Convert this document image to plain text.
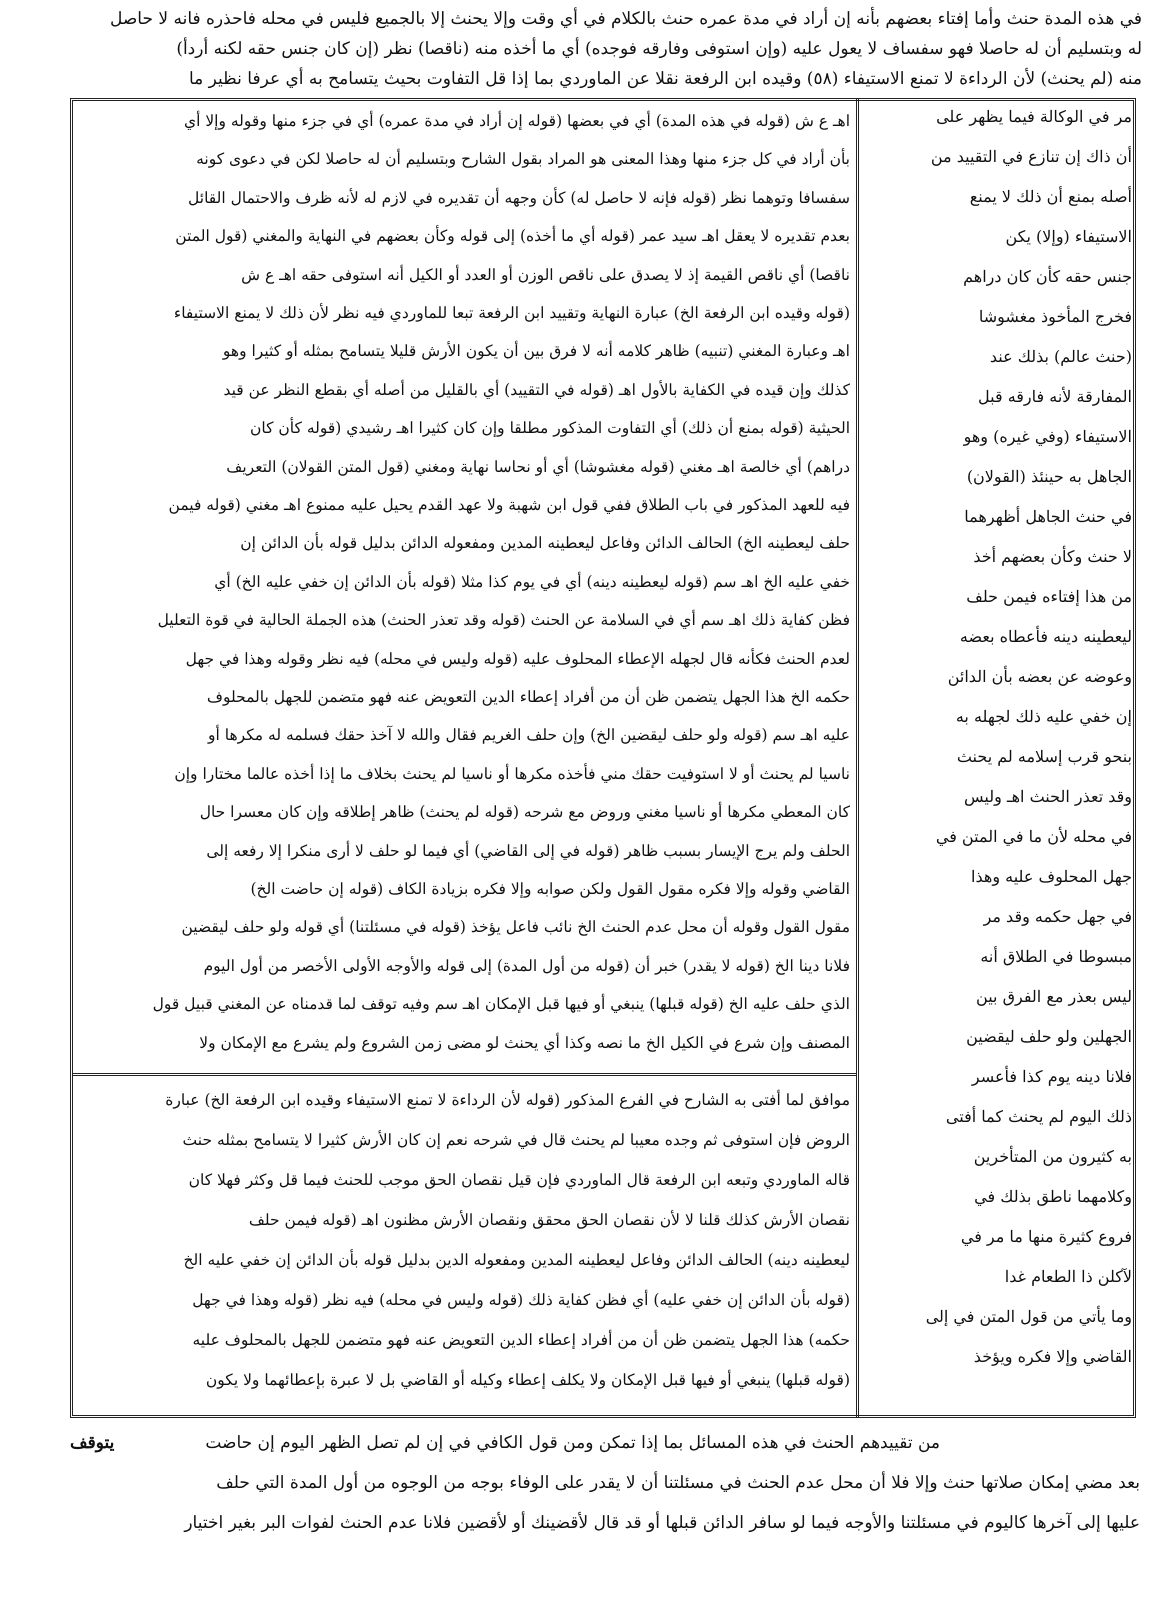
في هذه المدة حنث وأما إفتاء بعضهم بأنه إن أراد في مدة عمره حنث بالكلام في أي وقت وإلا يحنث إلا بالجميع فليس في محله فاحذره فانه لا حاصل
له وبتسليم أن له حاصلا فهو سفساف لا يعول عليه (وإن استوفى وفارقه فوجده) أي ما أخذه منه (ناقصا) نظر (إن كان جنس حقه لكنه أردأ)
منه (لم يحنث) لأن الرداءة لا تمنع الاستيفاء (٥٨) وقيده ابن الرفعة نقلا عن الماوردي بما إذا قل التفاوت بحيث يتسامح به أي عرفا نظير ما
مر في الوكالة فيما يظهر على
أن ذاك إن تنازع في التقييد من
أصله بمنع أن ذلك لا يمنع
الاستيفاء (وإلا) يكن
جنس حقه كأن كان دراهم
فخرج المأخوذ مغشوشا
(حنث عالم) بذلك عند
المفارقة لأنه فارقه قبل
الاستيفاء (وفي غيره) وهو
الجاهل به حينئذ (القولان)
في حنث الجاهل أظهرهما
لا حنث وكأن بعضهم أخذ
من هذا إفتاءه فيمن حلف
ليعطينه دينه فأعطاه بعضه
وعوضه عن بعضه بأن الدائن
إن خفي عليه ذلك لجهله به
بنحو قرب إسلامه لم يحنث
وقد تعذر الحنث اهـ وليس
في محله لأن ما في المتن في
جهل المحلوف عليه وهذا
في جهل حكمه وقد مر
مبسوطا في الطلاق أنه
ليس بعذر مع الفرق بين
الجهلين ولو حلف ليقضين
فلانا دينه يوم كذا فأعسر
ذلك اليوم لم يحنث كما أفتى
به كثيرون من المتأخرين
وكلامهما ناطق بذلك في
فروع كثيرة منها ما مر في
لآكلن ذا الطعام غدا
وما يأتي من قول المتن في إلى
القاضي وإلا فكره ويؤخذ
اهـ ع ش (قوله في هذه المدة) أي في بعضها (قوله إن أراد في مدة عمره) أي في جزء منها وقوله وإلا أي
بأن أراد في كل جزء منها وهذا المعنى هو المراد بقول الشارح وبتسليم أن له حاصلا لكن في دعوى كونه
سفسافا وتوهما نظر (قوله فإنه لا حاصل له) كأن وجهه أن تقديره في لازم له لأنه ظرف والاحتمال القائل
بعدم تقديره لا يعقل اهـ سيد عمر (قوله أي ما أخذه) إلى قوله وكأن بعضهم في النهاية والمغني (قول المتن
ناقصا) أي ناقص القيمة إذ لا يصدق على ناقص الوزن أو العدد أو الكيل أنه استوفى حقه اهـ ع ش
(قوله وقيده ابن الرفعة الخ) عبارة النهاية وتقييد ابن الرفعة تبعا للماوردي فيه نظر لأن ذلك لا يمنع الاستيفاء
اهـ وعبارة المغني (تنبيه) ظاهر كلامه أنه لا فرق بين أن يكون الأرش قليلا يتسامح بمثله أو كثيرا وهو
كذلك وإن قيده في الكفاية بالأول اهـ (قوله في التقييد) أي بالقليل من أصله أي بقطع النظر عن قيد
الحيثية (قوله بمنع أن ذلك) أي التفاوت المذكور مطلقا وإن كان كثيرا اهـ رشيدي (قوله كأن كان
دراهم) أي خالصة اهـ مغني (قوله مغشوشا) أي أو نحاسا نهاية ومغني (قول المتن القولان) التعريف
فيه للعهد المذكور في باب الطلاق ففي قول ابن شهبة ولا عهد القدم يحيل عليه ممنوع اهـ مغني (قوله فيمن
حلف ليعطينه الخ) الحالف الدائن وفاعل ليعطينه المدين ومفعوله الدائن بدليل قوله بأن الدائن إن
خفي عليه الخ اهـ سم (قوله ليعطينه دينه) أي في يوم كذا مثلا (قوله بأن الدائن إن خفي عليه الخ) أي
فظن كفاية ذلك اهـ سم أي في السلامة عن الحنث (قوله وقد تعذر الحنث) هذه الجملة الحالية في قوة التعليل
لعدم الحنث فكأنه قال لجهله الإعطاء المحلوف عليه (قوله وليس في محله) فيه نظر وقوله وهذا في جهل
حكمه الخ هذا الجهل يتضمن ظن أن من أفراد إعطاء الدين التعويض عنه فهو متضمن للجهل بالمحلوف
عليه اهـ سم (قوله ولو حلف ليقضين الخ) وإن حلف الغريم فقال والله لا آخذ حقك فسلمه له مكرها أو
ناسيا لم يحنث أو لا استوفيت حقك مني فأخذه مكرها أو ناسيا لم يحنث بخلاف ما إذا أخذه عالما مختارا وإن
كان المعطي مكرها أو ناسيا مغني وروض مع شرحه (قوله لم يحنث) ظاهر إطلاقه وإن كان معسرا حال
الحلف ولم يرج الإيسار بسبب ظاهر (قوله في إلى القاضي) أي فيما لو حلف لا أرى منكرا إلا رفعه إلى
القاضي وقوله وإلا فكره مقول القول ولكن صوابه وإلا فكره بزيادة الكاف (قوله إن حاضت الخ)
مقول القول وقوله أن محل عدم الحنث الخ نائب فاعل يؤخذ (قوله في مسئلتنا) أي قوله ولو حلف ليقضين
فلانا دينا الخ (قوله لا يقدر) خبر أن (قوله من أول المدة) إلى قوله والأوجه الأولى الأخصر من أول اليوم
الذي حلف عليه الخ (قوله قبلها) ينبغي أو فيها قبل الإمكان اهـ سم وفيه توقف لما قدمناه عن المغني قبيل قول
المصنف وإن شرع في الكيل الخ ما نصه وكذا أي يحنث لو مضى زمن الشروع ولم يشرع مع الإمكان ولا
موافق لما أفتى به الشارح في الفرع المذكور (قوله لأن الرداءة لا تمنع الاستيفاء وقيده ابن الرفعة الخ) عبارة
الروض فإن استوفى ثم وجده معيبا لم يحنث قال في شرحه نعم إن كان الأرش كثيرا لا يتسامح بمثله حنث
قاله الماوردي وتبعه ابن الرفعة قال الماوردي فإن قيل نقصان الحق موجب للحنث فيما قل وكثر فهلا كان
نقصان الأرش كذلك قلنا لا لأن نقصان الحق محقق ونقصان الأرش مظنون اهـ (قوله فيمن حلف
ليعطينه دينه) الحالف الدائن وفاعل ليعطينه المدين ومفعوله الدين بدليل قوله بأن الدائن إن خفي عليه الخ
(قوله بأن الدائن إن خفي عليه) أي فظن كفاية ذلك (قوله وليس في محله) فيه نظر (قوله وهذا في جهل
حكمه) هذا الجهل يتضمن ظن أن من أفراد إعطاء الدين التعويض عنه فهو متضمن للجهل بالمحلوف عليه
(قوله قبلها) ينبغي أو فيها قبل الإمكان ولا يكلف إعطاء وكيله أو القاضي بل لا عبرة بإعطائهما ولا يكون
من تقييدهم الحنث في هذه المسائل بما إذا تمكن ومن قول الكافي في إن لم تصل الظهر اليوم إن حاضت
يتوقف
بعد مضي إمكان صلاتها حنث وإلا فلا أن محل عدم الحنث في مسئلتنا أن لا يقدر على الوفاء بوجه من الوجوه من أول المدة التي حلف
عليها إلى آخرها كاليوم في مسئلتنا والأوجه فيما لو سافر الدائن قبلها أو قد قال لأقضينك أو لأقضين فلانا عدم الحنث لفوات البر بغير اختيار
